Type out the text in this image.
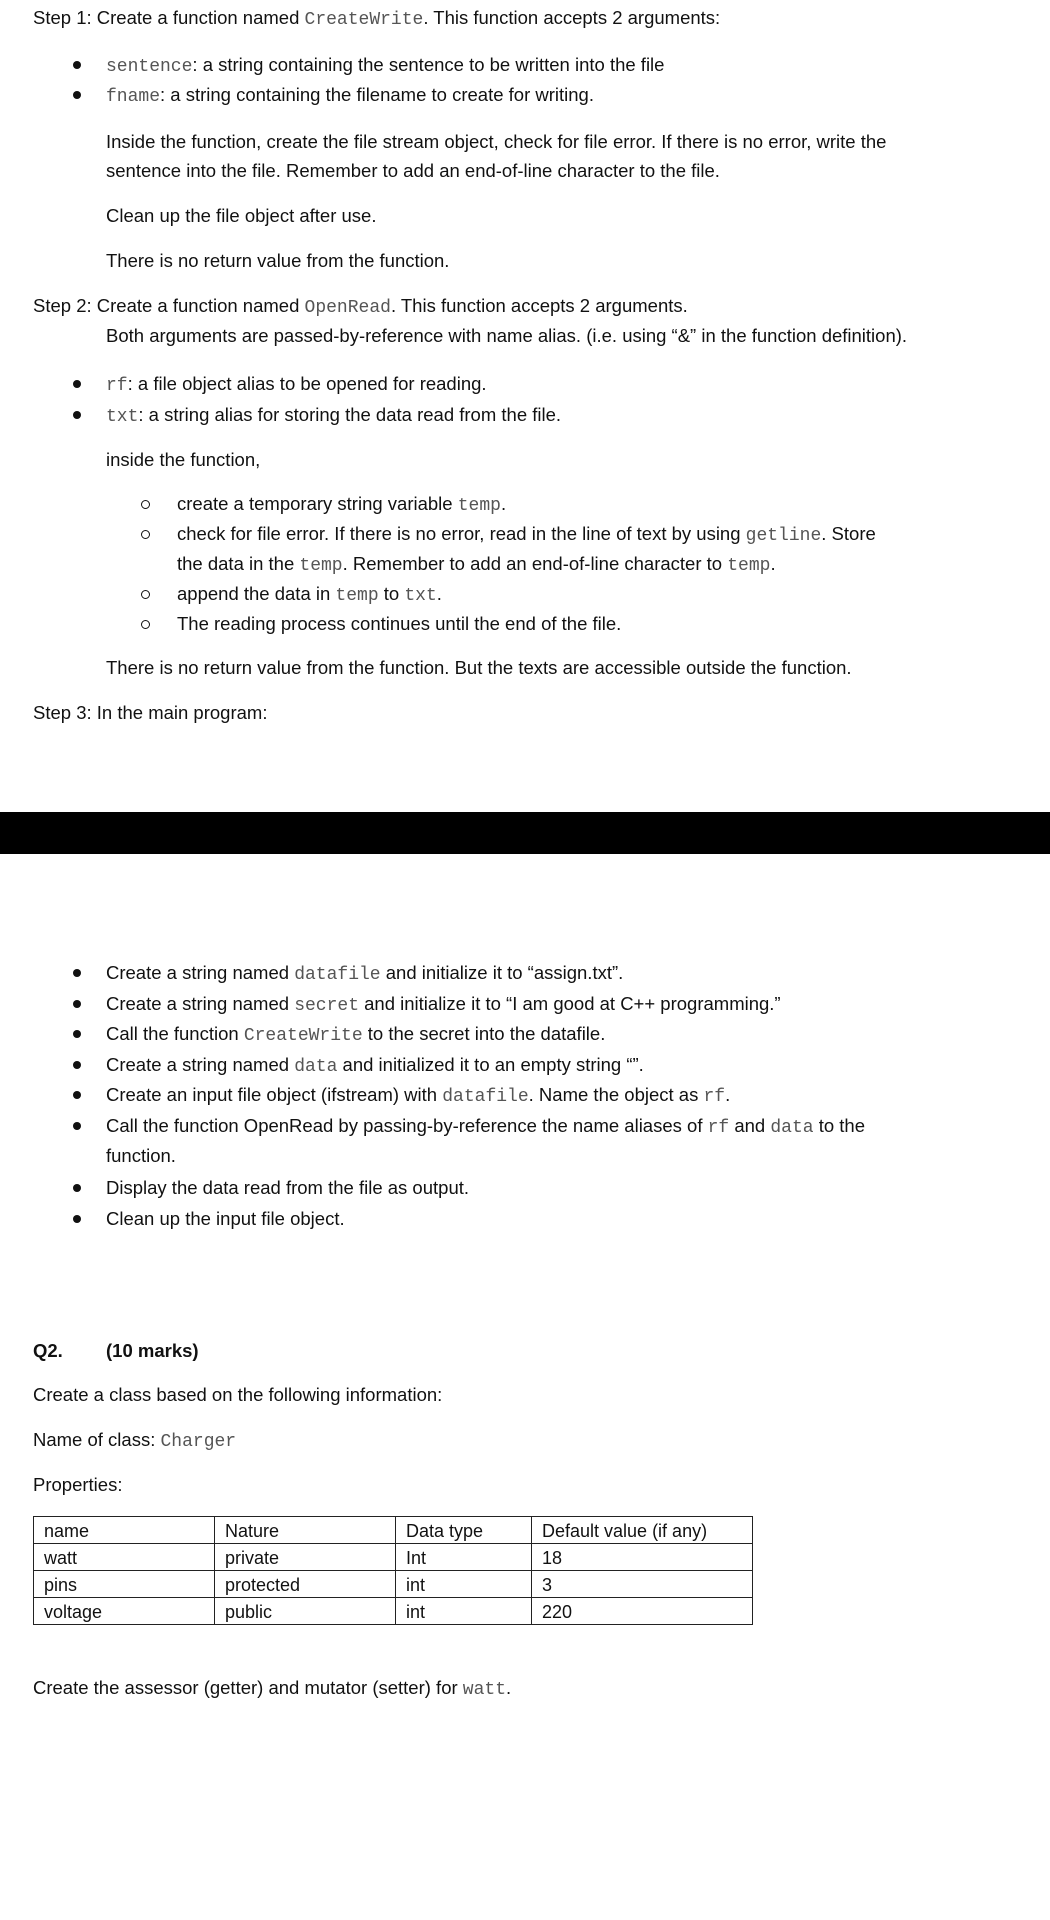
Step 1: Create a function named CreateWrite. This function accepts 2 arguments:
sentence: a string containing the sentence to be written into the file
fname: a string containing the filename to create for writing.
Inside the function, create the file stream object, check for file error. If there is no error, write the
sentence into the file. Remember to add an end-of-line character to the file.
Clean up the file object after use.
There is no return value from the function.
Step 2: Create a function named OpenRead. This function accepts 2 arguments.
Both arguments are passed-by-reference with name alias. (i.e. using “&” in the function definition).
rf: a file object alias to be opened for reading.
txt: a string alias for storing the data read from the file.
inside the function,
create a temporary string variable temp.
check for file error. If there is no error, read in the line of text by using getline. Store
the data in the temp. Remember to add an end-of-line character to temp.
append the data in temp to txt.
The reading process continues until the end of the file.
There is no return value from the function. But the texts are accessible outside the function.
Step 3: In the main program:
Create a string named datafile and initialize it to “assign.txt”.
Create a string named secret and initialize it to “I am good at C++ programming.”
Call the function CreateWrite to the secret into the datafile.
Create a string named data and initialized it to an empty string “”.
Create an input file object (ifstream) with datafile. Name the object as rf.
Call the function OpenRead by passing-by-reference the name aliases of rf and data to the
function.
Display the data read from the file as output.
Clean up the input file object.
Q2. (10 marks)
Create a class based on the following information:
Name of class: Charger
Properties:
name	Nature	Data type	Default value (if any)
watt	private	Int	18
pins	protected	int	3
voltage	public	int	220
Create the assessor (getter) and mutator (setter) for watt.
